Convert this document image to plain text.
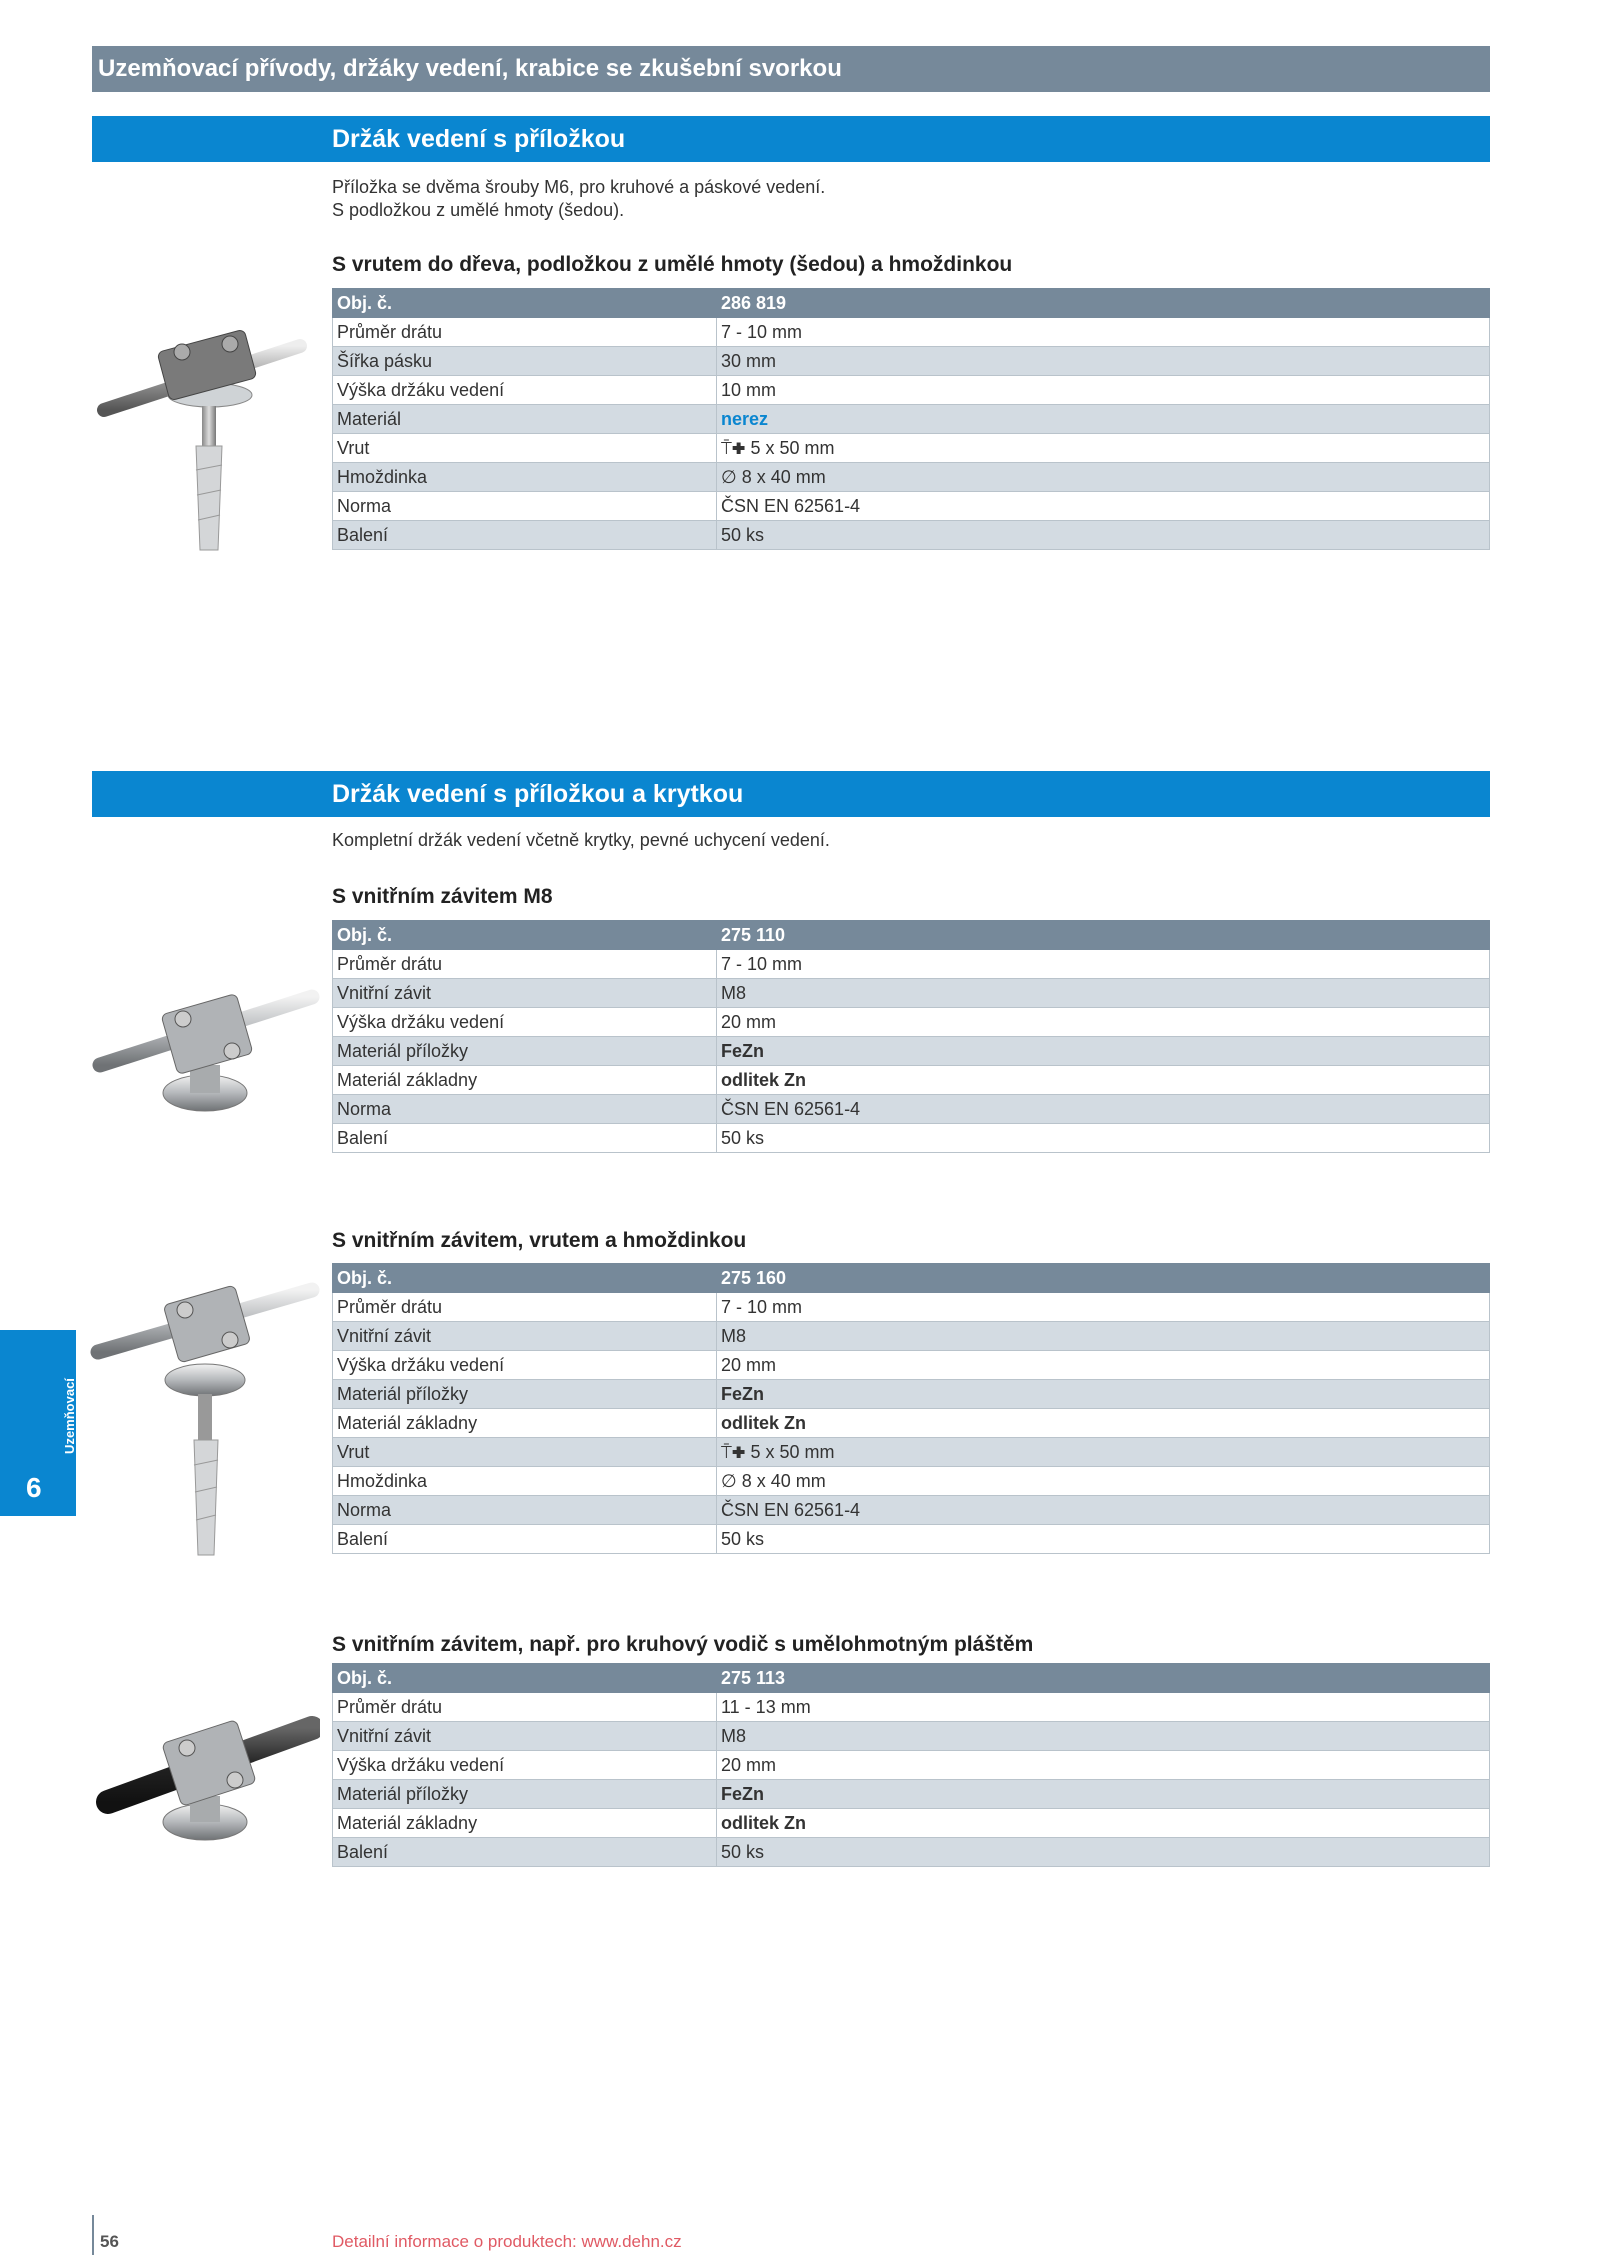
Uzemňovací přívody, držáky vedení, krabice se zkušební svorkou
Držák vedení s příložkou
Příložka se dvěma šrouby M6, pro kruhové a páskové vedení.
S podložkou z umělé hmoty (šedou).
S vrutem do dřeva, podložkou z umělé hmoty (šedou) a hmoždinkou
Obj. č.	286 819
Průměr drátu	7 - 10 mm
Šířka pásku	30 mm
Výška držáku vedení	10 mm
Materiál	nerez
Vrut	⍑✚ 5 x 50 mm
Hmoždinka	∅ 8 x 40 mm
Norma	ČSN EN 62561-4
Balení	50 ks
Držák vedení s příložkou a krytkou
Kompletní držák vedení včetně krytky, pevné uchycení vedení.
S vnitřním závitem M8
Obj. č.	275 110
Průměr drátu	7 - 10 mm
Vnitřní závit	M8
Výška držáku vedení	20 mm
Materiál příložky	FeZn
Materiál základny	odlitek Zn
Norma	ČSN EN 62561-4
Balení	50 ks
S vnitřním závitem, vrutem a hmoždinkou
Obj. č.	275 160
Průměr drátu	7 - 10 mm
Vnitřní závit	M8
Výška držáku vedení	20 mm
Materiál příložky	FeZn
Materiál základny	odlitek Zn
Vrut	⍑✚ 5 x 50 mm
Hmoždinka	∅ 8 x 40 mm
Norma	ČSN EN 62561-4
Balení	50 ks
S vnitřním závitem, např. pro kruhový vodič s umělohmotným pláštěm
Obj. č.	275 113
Průměr drátu	11 - 13 mm
Vnitřní závit	M8
Výška držáku vedení	20 mm
Materiál příložky	FeZn
Materiál základny	odlitek Zn
Balení	50 ks
Uzemňovací přívody
6
56	Detailní informace o produktech: www.dehn.cz
